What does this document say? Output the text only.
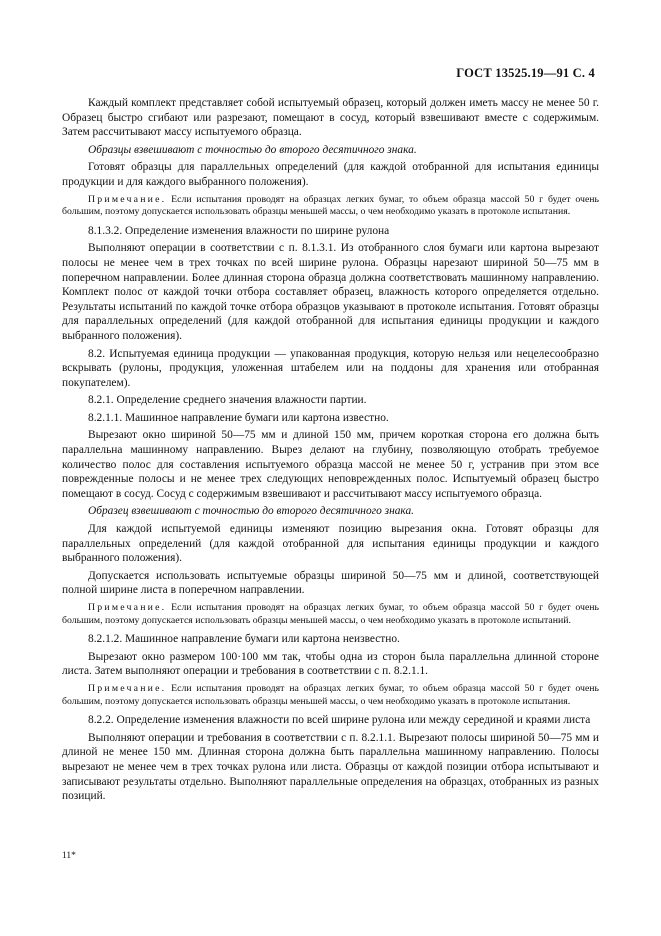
ГОСТ 13525.19—91 С. 4

Каждый комплект представляет собой испытуемый образец, который должен иметь массу не менее 50 г. Образец быстро сгибают или разрезают, помещают в сосуд, который взвешивают вместе с содержимым. Затем рассчитывают массу испытуемого образца.

Образцы взвешивают с точностью до второго десятичного знака.

Готовят образцы для параллельных определений (для каждой отобранной для испытания единицы продукции и для каждого выбранного положения).

Примечание. Если испытания проводят на образцах легких бумаг, то объем образца массой 50 г будет очень большим, поэтому допускается использовать образцы меньшей массы, о чем необходимо указать в протоколе испытания.

8.1.3.2. Определение изменения влажности по ширине рулона

Выполняют операции в соответствии с п. 8.1.3.1. Из отобранного слоя бумаги или картона вырезают полосы не менее чем в трех точках по всей ширине рулона. Образцы нарезают шириной 50—75 мм в поперечном направлении. Более длинная сторона образца должна соответствовать машинному направлению. Комплект полос от каждой точки отбора составляет образец, влажность которого определяется отдельно. Результаты испытаний по каждой точке отбора образцов указывают в протоколе испытания. Готовят образцы для параллельных определений (для каждой отобранной для испытания единицы продукции и каждого выбранного положения).

8.2. Испытуемая единица продукции — упакованная продукция, которую нельзя или нецелесообразно вскрывать (рулоны, продукция, уложенная штабелем или на поддоны для хранения или отобранная покупателем).

8.2.1. Определение среднего значения влажности партии.

8.2.1.1. Машинное направление бумаги или картона известно.

Вырезают окно шириной 50—75 мм и длиной 150 мм, причем короткая сторона его должна быть параллельна машинному направлению. Вырез делают на глубину, позволяющую отобрать требуемое количество полос для составления испытуемого образца массой не менее 50 г, устранив при этом все поврежденные полосы и не менее трех следующих неповрежденных полос. Испытуемый образец быстро помещают в сосуд. Сосуд с содержимым взвешивают и рассчитывают массу испытуемого образца.

Образец взвешивают с точностью до второго десятичного знака.

Для каждой испытуемой единицы изменяют позицию вырезания окна. Готовят образцы для параллельных определений (для каждой отобранной для испытания единицы продукции и каждого выбранного положения).

Допускается использовать испытуемые образцы шириной 50—75 мм и длиной, соответствующей полной ширине листа в поперечном направлении.

Примечание. Если испытания проводят на образцах легких бумаг, то объем образца массой 50 г будет очень большим, поэтому допускается использовать образцы меньшей массы, о чем необходимо указать в протоколе испытаний.

8.2.1.2. Машинное направление бумаги или картона неизвестно.

Вырезают окно размером 100·100 мм так, чтобы одна из сторон была параллельна длинной стороне листа. Затем выполняют операции и требования в соответствии с п. 8.2.1.1.

Примечание. Если испытания проводят на образцах легких бумаг, то объем образца массой 50 г будет очень большим, поэтому допускается использовать образцы меньшей массы, о чем необходимо указать в протоколе испытания.

8.2.2. Определение изменения влажности по всей ширине рулона или между серединой и краями листа

Выполняют операции и требования в соответствии с п. 8.2.1.1. Вырезают полосы шириной 50—75 мм и длиной не менее 150 мм. Длинная сторона должна быть параллельна машинному направлению. Полосы вырезают не менее чем в трех точках рулона или листа. Образцы от каждой позиции отбора испытывают и записывают результаты отдельно. Выполняют параллельные определения на образцах, отобранных из разных позиций.

11*
